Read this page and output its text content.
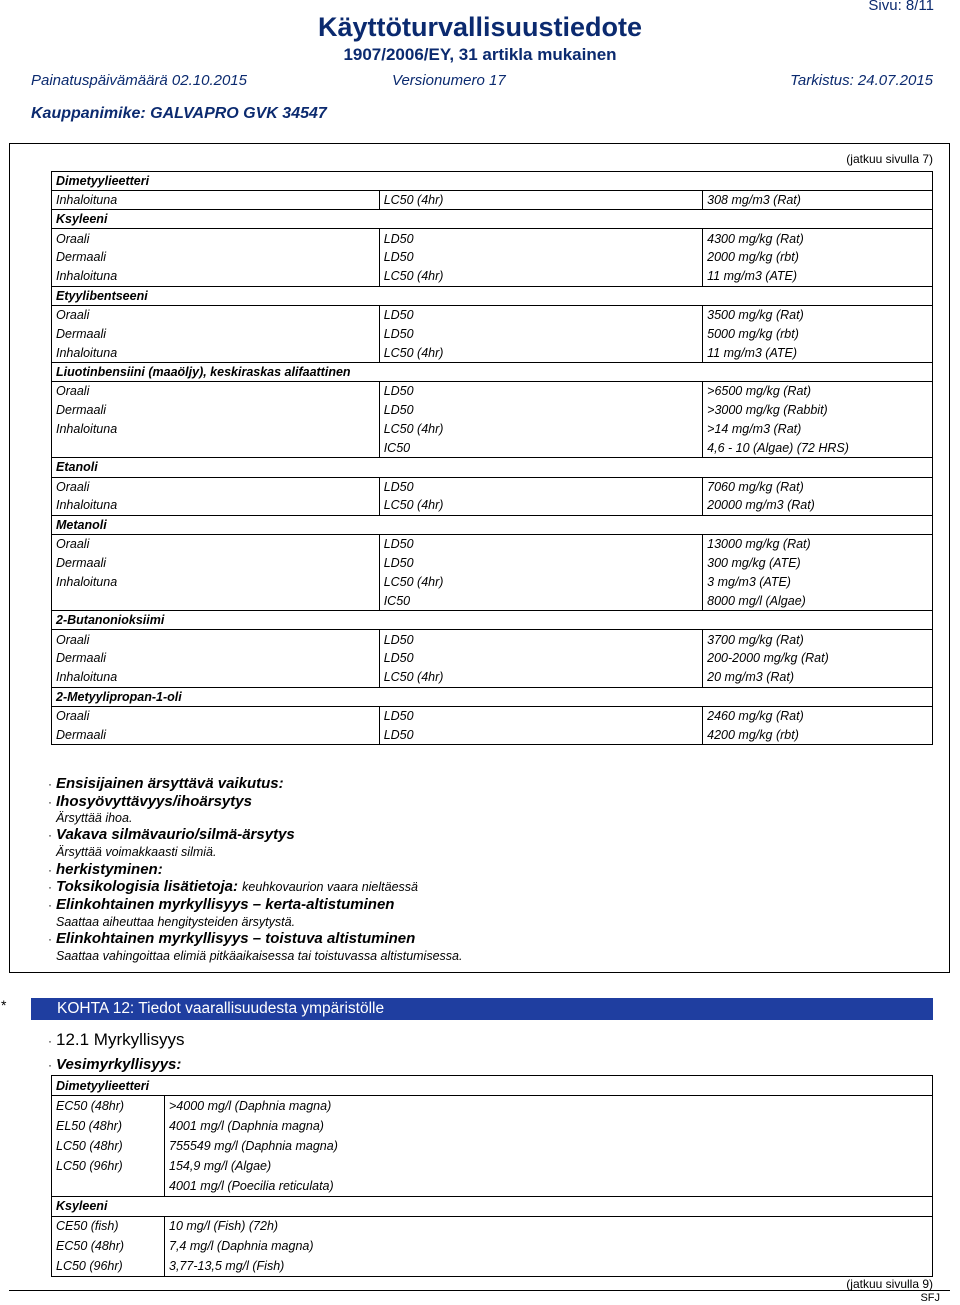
Sivu: 8/11
Käyttöturvallisuustiedote
1907/2006/EY, 31 artikla mukainen
Painatuspäivämäärä 02.10.2015	Versionumero 17	Tarkistus: 24.07.2015
Kauppanimike: GALVAPRO GVK 34547
(jatkuu sivulla 7)
Dimetyylieetteri		
Inhaloituna	LC50 (4hr)	308 mg/m3 (Rat)
Ksyleeni		
Oraali	LD50	4300 mg/kg (Rat)
Dermaali	LD50	2000 mg/kg (rbt)
Inhaloituna	LC50 (4hr)	11 mg/m3 (ATE)
Etyylibentseeni		
Oraali	LD50	3500 mg/kg (Rat)
Dermaali	LD50	5000 mg/kg (rbt)
Inhaloituna	LC50 (4hr)	11 mg/m3 (ATE)
Liuotinbensiini (maaöljy), keskiraskas alifaattinen		
Oraali	LD50	>6500 mg/kg (Rat)
Dermaali	LD50	>3000 mg/kg (Rabbit)
Inhaloituna	LC50 (4hr)	>14 mg/m3 (Rat)
	IC50	4,6 - 10 (Algae) (72 HRS)
Etanoli		
Oraali	LD50	7060 mg/kg (Rat)
Inhaloituna	LC50 (4hr)	20000 mg/m3 (Rat)
Metanoli		
Oraali	LD50	13000 mg/kg (Rat)
Dermaali	LD50	300 mg/kg (ATE)
Inhaloituna	LC50 (4hr)	3 mg/m3 (ATE)
	IC50	8000 mg/l (Algae)
2-Butanonioksiimi		
Oraali	LD50	3700 mg/kg (Rat)
Dermaali	LD50	200-2000 mg/kg (Rat)
Inhaloituna	LC50 (4hr)	20 mg/m3 (Rat)
2-Metyylipropan-1-oli		
Oraali	LD50	2460 mg/kg (Rat)
Dermaali	LD50	4200 mg/kg (rbt)
· Ensisijainen ärsyttävä vaikutus:
· Ihosyövyttävyys/ihoärsytys
Ärsyttää ihoa.
· Vakava silmävaurio/silmä-ärsytys
Ärsyttää voimakkaasti silmiä.
· herkistyminen:
· Toksikologisia lisätietoja: keuhkovaurion vaara nieltäessä
· Elinkohtainen myrkyllisyys – kerta-altistuminen
Saattaa aiheuttaa hengitysteiden ärsytystä.
· Elinkohtainen myrkyllisyys – toistuva altistuminen
Saattaa vahingoittaa elimiä pitkäaikaisessa tai toistuvassa altistumisessa.
*	KOHTA 12: Tiedot vaarallisuudesta ympäristölle
· 12.1 Myrkyllisyys
· Vesimyrkyllisyys:
Dimetyylieetteri	
EC50 (48hr)	>4000 mg/l (Daphnia magna)
EL50 (48hr)	4001 mg/l (Daphnia magna)
LC50 (48hr)	755549 mg/l (Daphnia magna)
LC50 (96hr)	154,9 mg/l (Algae)
	4001 mg/l (Poecilia reticulata)
Ksyleeni	
CE50 (fish)	10 mg/l (Fish) (72h)
EC50 (48hr)	7,4 mg/l (Daphnia magna)
LC50 (96hr)	3,77-13,5 mg/l (Fish)
(jatkuu sivulla 9)
SFJ
